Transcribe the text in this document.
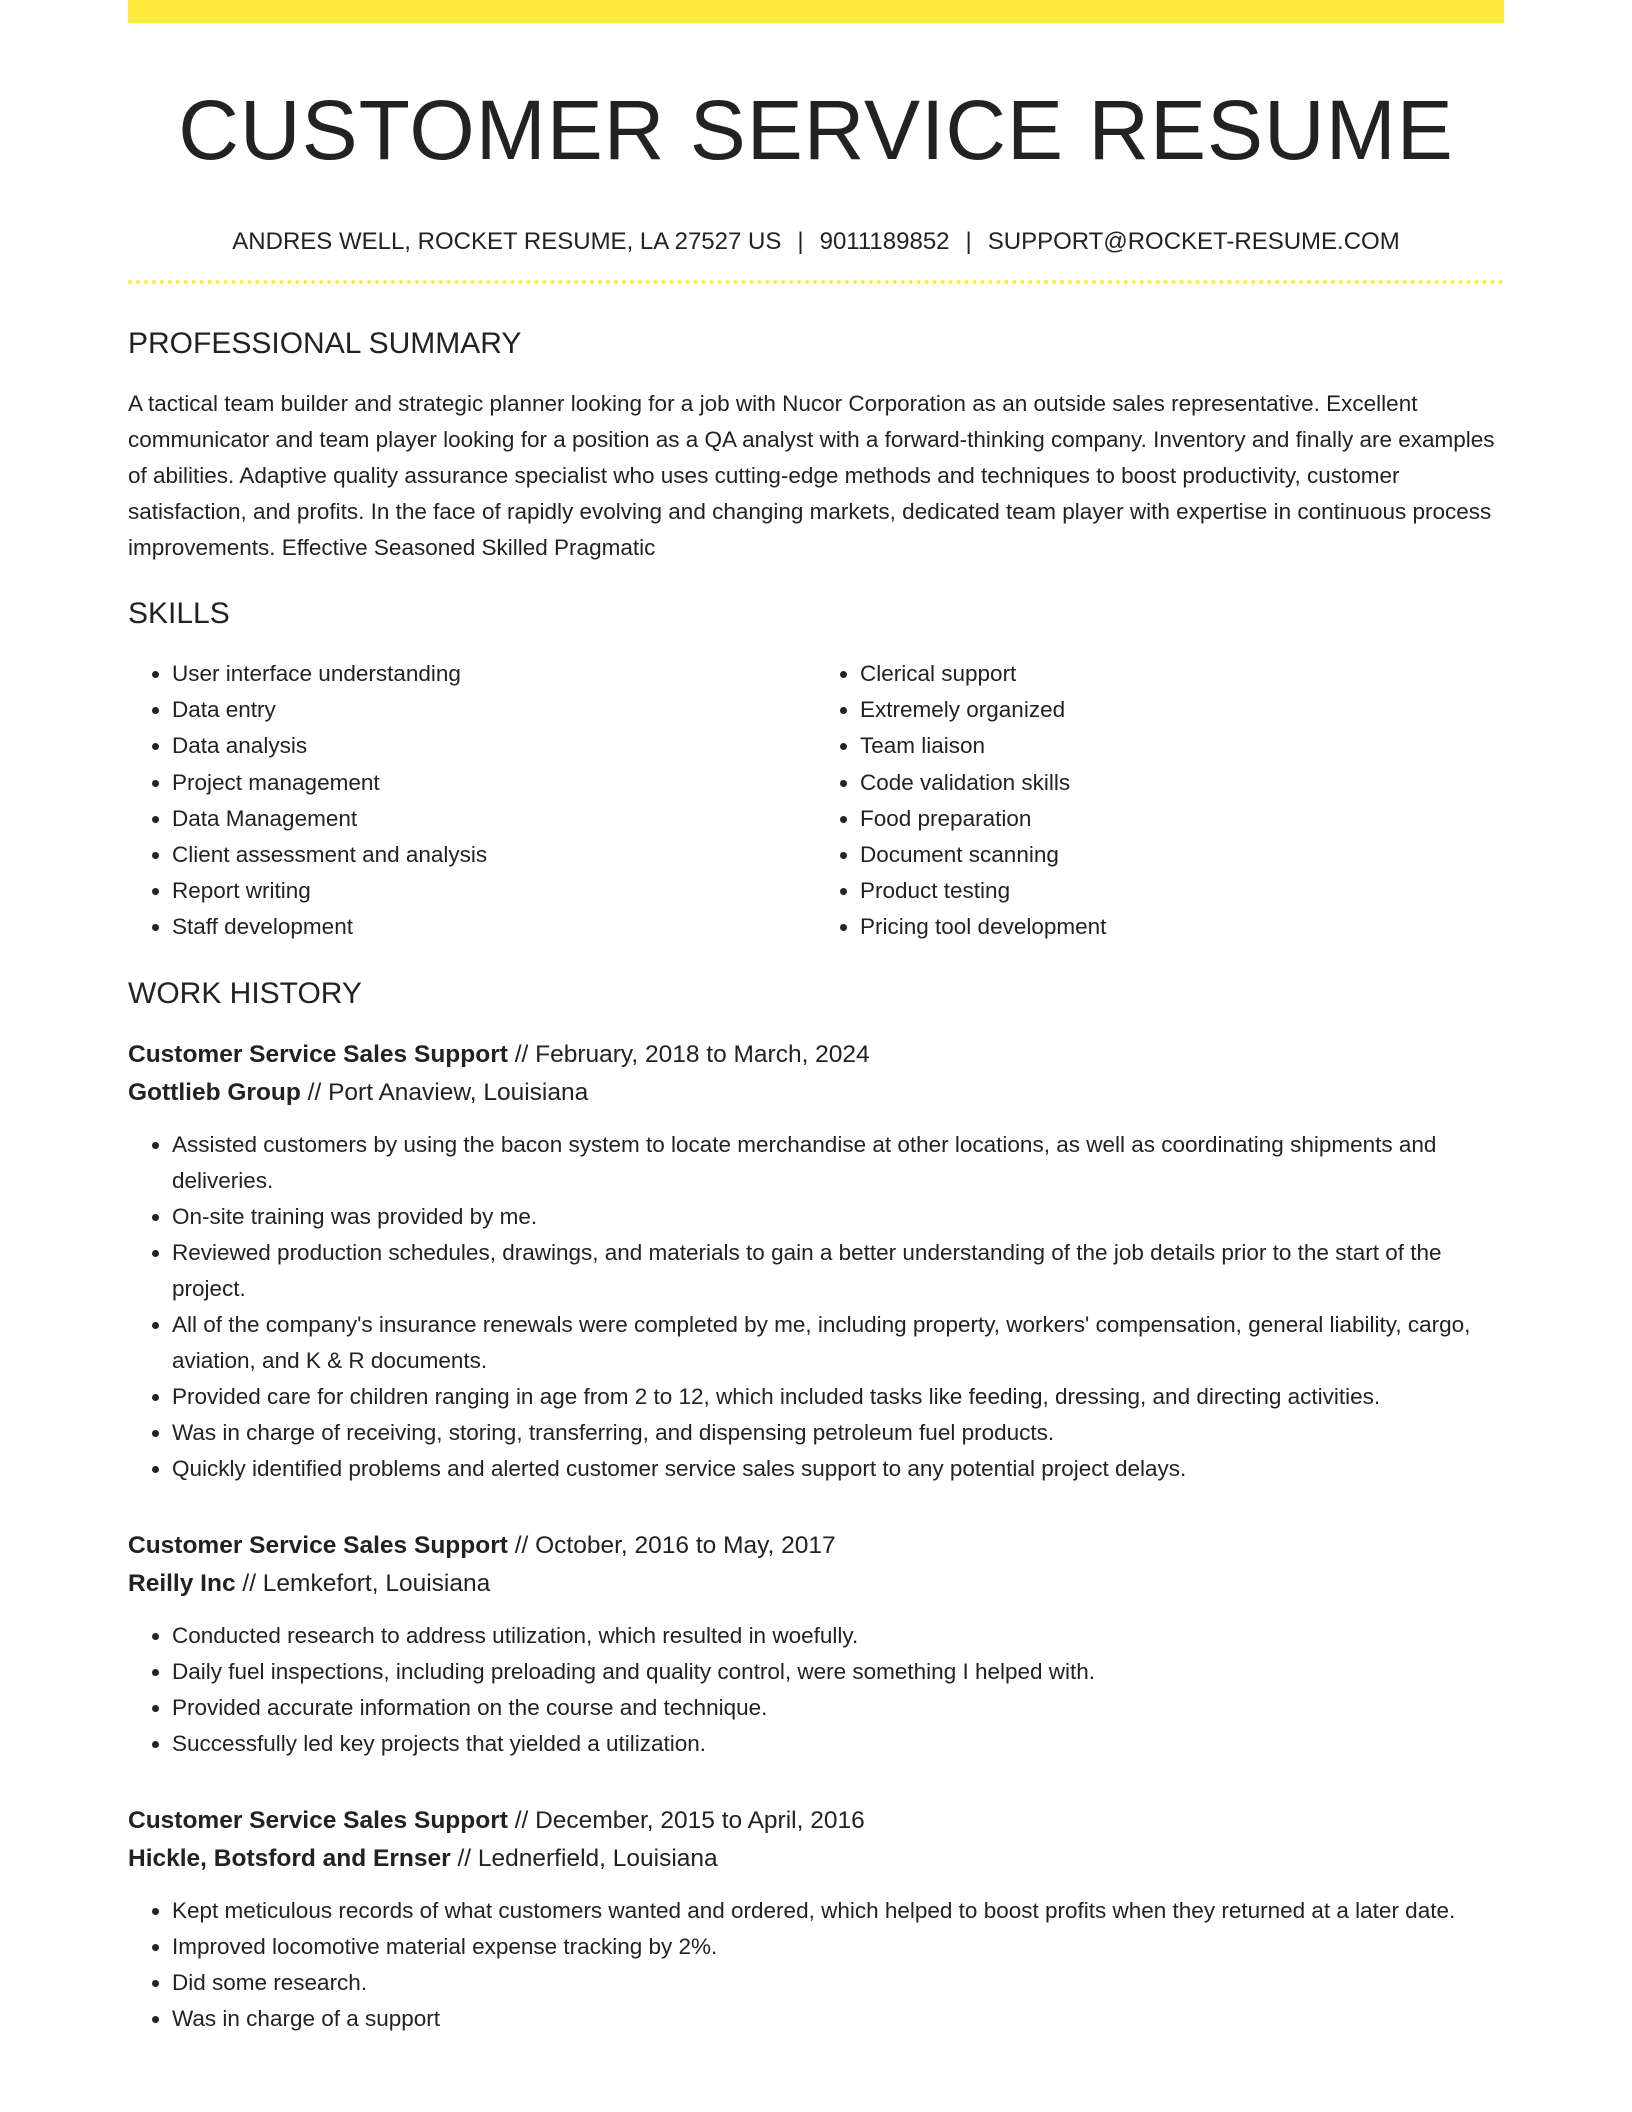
CUSTOMER SERVICE RESUME
ANDRES WELL, ROCKET RESUME, LA 27527 US | 9011189852 | SUPPORT@ROCKET-RESUME.COM
PROFESSIONAL SUMMARY

A tactical team builder and strategic planner looking for a job with Nucor Corporation as an outside sales representative. Excellent communicator and team player looking for a position as a QA analyst with a forward-thinking company. Inventory and finally are examples of abilities. Adaptive quality assurance specialist who uses cutting-edge methods and techniques to boost productivity, customer satisfaction, and profits. In the face of rapidly evolving and changing markets, dedicated team player with expertise in continuous process improvements. Effective Seasoned Skilled Pragmatic

SKILLS
• User interface understanding
• Data entry
• Data analysis
• Project management
• Data Management
• Client assessment and analysis
• Report writing
• Staff development
• Clerical support
• Extremely organized
• Team liaison
• Code validation skills
• Food preparation
• Document scanning
• Product testing
• Pricing tool development
WORK HISTORY
Customer Service Sales Support // February, 2018 to March, 2024
Gottlieb Group // Port Anaview, Louisiana
• Assisted customers by using the bacon system to locate merchandise at other locations, as well as coordinating shipments and deliveries.
• On-site training was provided by me.
• Reviewed production schedules, drawings, and materials to gain a better understanding of the job details prior to the start of the project.
• All of the company's insurance renewals were completed by me, including property, workers' compensation, general liability, cargo, aviation, and K & R documents.
• Provided care for children ranging in age from 2 to 12, which included tasks like feeding, dressing, and directing activities.
• Was in charge of receiving, storing, transferring, and dispensing petroleum fuel products.
• Quickly identified problems and alerted customer service sales support to any potential project delays.
Customer Service Sales Support // October, 2016 to May, 2017
Reilly Inc // Lemkefort, Louisiana
• Conducted research to address utilization, which resulted in woefully.
• Daily fuel inspections, including preloading and quality control, were something I helped with.
• Provided accurate information on the course and technique.
• Successfully led key projects that yielded a utilization.
Customer Service Sales Support // December, 2015 to April, 2016
Hickle, Botsford and Ernser // Lednerfield, Louisiana
• Kept meticulous records of what customers wanted and ordered, which helped to boost profits when they returned at a later date.
• Improved locomotive material expense tracking by 2%.
• Did some research.
• Was in charge of a support
